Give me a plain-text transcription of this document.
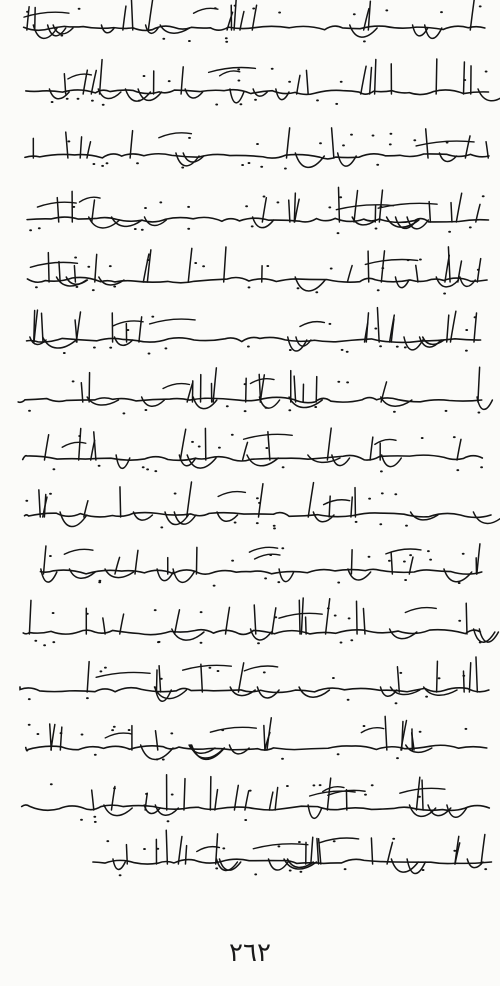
٢٦٢
